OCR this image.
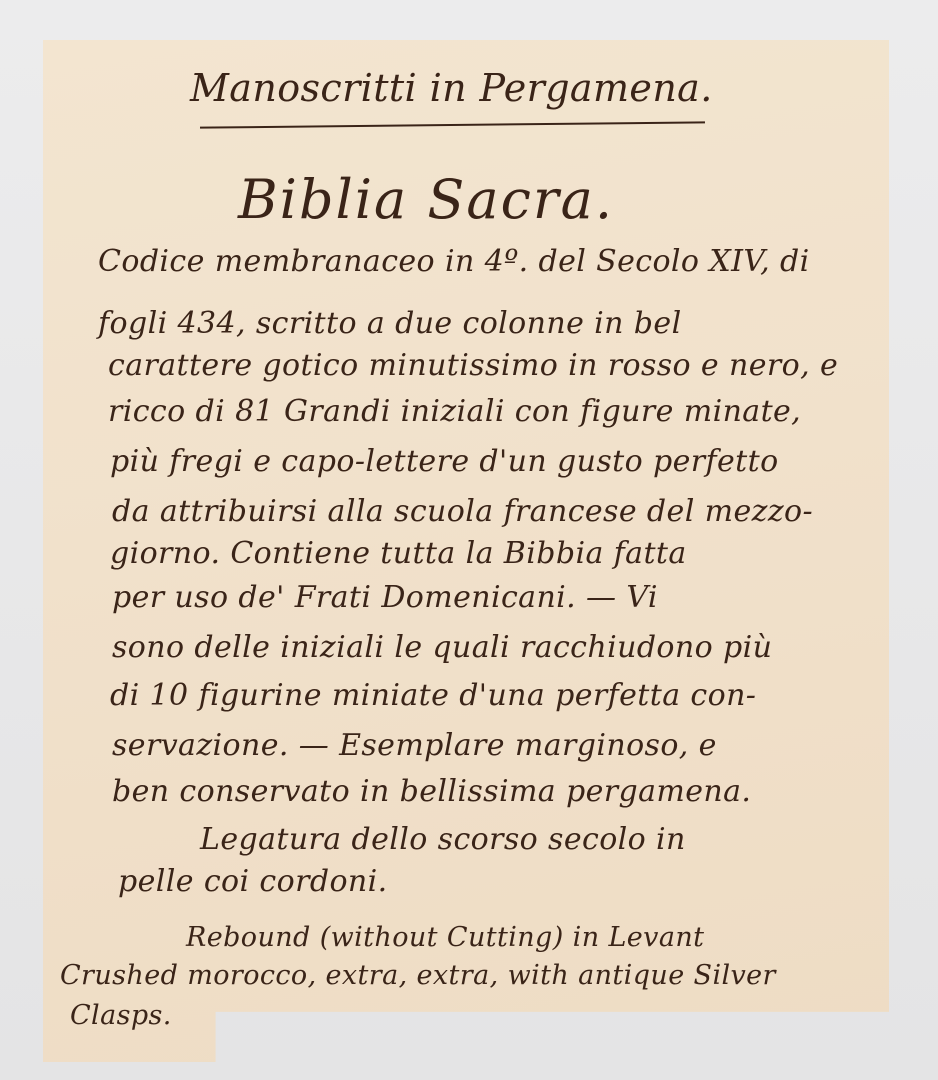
Manoscritti in Pergamena.
Biblia Sacra.
Codice membranaceo in 4º. del Secolo XIV, di
fogli 434, scritto a due colonne in bel
carattere gotico minutissimo in rosso e nero, e
ricco di 81 Grandi iniziali con figure minate,
più fregi e capo-lettere d'un gusto perfetto
da attribuirsi alla scuola francese del mezzo-
giorno. Contiene tutta la Bibbia fatta
per uso de' Frati Domenicani. — Vi
sono delle iniziali le quali racchiudono più
di 10 figurine miniate d'una perfetta con-
servazione. — Esemplare marginoso, e
ben conservato in bellissima pergamena.
Legatura dello scorso secolo in
pelle coi cordoni.
Rebound (without Cutting) in Levant
Crushed morocco, extra, extra, with antique Silver
Clasps.
